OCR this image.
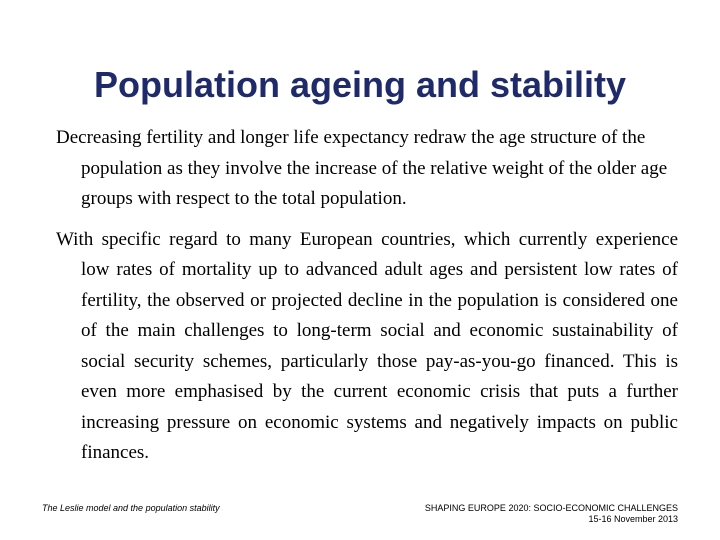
Population ageing and stability

Decreasing fertility and longer life expectancy redraw the age structure of the population as they involve the increase of the relative weight of the older age groups with respect to the total population.

With specific regard to many European countries, which currently experience low rates of mortality up to advanced adult ages and persistent low rates of fertility, the observed or projected decline in the population is considered one of the main challenges to long-term social and economic sustainability of social security schemes, particularly those pay-as-you-go financed. This is even more emphasised by the current economic crisis that puts a further increasing pressure on economic systems and negatively impacts on public finances.

The Leslie model and the population stability	SHAPING EUROPE 2020: SOCIO-ECONOMIC CHALLENGES
15-16 November 2013
